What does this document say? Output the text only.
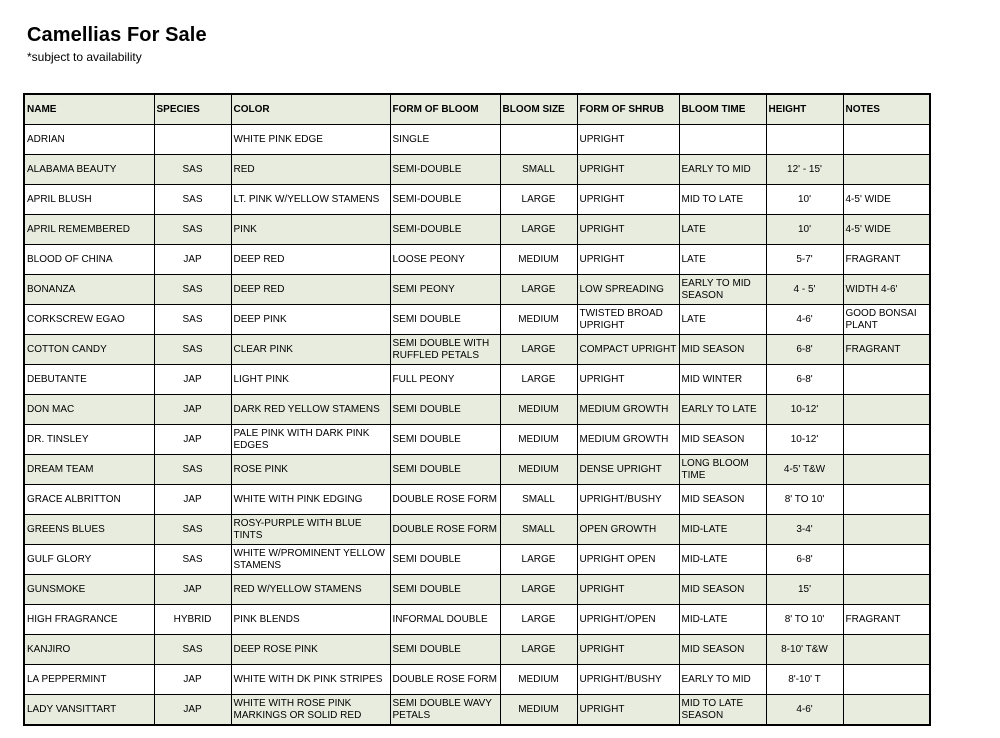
Camellias For Sale
*subject to availability
NAME	SPECIES	COLOR	FORM OF BLOOM	BLOOM SIZE	FORM OF SHRUB	BLOOM TIME	HEIGHT	NOTES
ADRIAN		WHITE PINK EDGE	SINGLE		UPRIGHT			
ALABAMA BEAUTY	SAS	RED	SEMI-DOUBLE	SMALL	UPRIGHT	EARLY TO MID	12' - 15'	
APRIL BLUSH	SAS	LT. PINK W/YELLOW STAMENS	SEMI-DOUBLE	LARGE	UPRIGHT	MID TO LATE	10'	4-5' WIDE
APRIL REMEMBERED	SAS	PINK	SEMI-DOUBLE	LARGE	UPRIGHT	LATE	10'	4-5' WIDE
BLOOD OF CHINA	JAP	DEEP RED	LOOSE PEONY	MEDIUM	UPRIGHT	LATE	5-7'	FRAGRANT
BONANZA	SAS	DEEP RED	SEMI PEONY	LARGE	LOW SPREADING	EARLY TO MID SEASON	4 - 5'	WIDTH 4-6'
CORKSCREW EGAO	SAS	DEEP PINK	SEMI DOUBLE	MEDIUM	TWISTED BROAD UPRIGHT	LATE	4-6'	GOOD BONSAI PLANT
COTTON CANDY	SAS	CLEAR PINK	SEMI DOUBLE WITH RUFFLED PETALS	LARGE	COMPACT UPRIGHT	MID SEASON	6-8'	FRAGRANT
DEBUTANTE	JAP	LIGHT PINK	FULL PEONY	LARGE	UPRIGHT	MID WINTER	6-8'	
DON MAC	JAP	DARK RED YELLOW STAMENS	SEMI DOUBLE	MEDIUM	MEDIUM GROWTH	EARLY TO LATE	10-12'	
DR. TINSLEY	JAP	PALE PINK WITH DARK PINK EDGES	SEMI DOUBLE	MEDIUM	MEDIUM GROWTH	MID SEASON	10-12'	
DREAM TEAM	SAS	ROSE PINK	SEMI DOUBLE	MEDIUM	DENSE UPRIGHT	LONG BLOOM TIME	4-5' T&W	
GRACE ALBRITTON	JAP	WHITE WITH PINK EDGING	DOUBLE ROSE FORM	SMALL	UPRIGHT/BUSHY	MID SEASON	8' TO 10'	
GREENS BLUES	SAS	ROSY-PURPLE WITH BLUE TINTS	DOUBLE ROSE FORM	SMALL	OPEN GROWTH	MID-LATE	3-4'	
GULF GLORY	SAS	WHITE W/PROMINENT YELLOW STAMENS	SEMI DOUBLE	LARGE	UPRIGHT OPEN	MID-LATE	6-8'	
GUNSMOKE	JAP	RED W/YELLOW STAMENS	SEMI DOUBLE	LARGE	UPRIGHT	MID SEASON	15'	
HIGH FRAGRANCE	HYBRID	PINK BLENDS	INFORMAL DOUBLE	LARGE	UPRIGHT/OPEN	MID-LATE	8' TO 10'	FRAGRANT
KANJIRO	SAS	DEEP ROSE PINK	SEMI DOUBLE	LARGE	UPRIGHT	MID SEASON	8-10' T&W	
LA PEPPERMINT	JAP	WHITE WITH DK PINK STRIPES	DOUBLE ROSE FORM	MEDIUM	UPRIGHT/BUSHY	EARLY TO MID	8'-10' T	
LADY VANSITTART	JAP	WHITE WITH ROSE PINK MARKINGS OR SOLID RED	SEMI DOUBLE WAVY PETALS	MEDIUM	UPRIGHT	MID TO LATE SEASON	4-6'	
